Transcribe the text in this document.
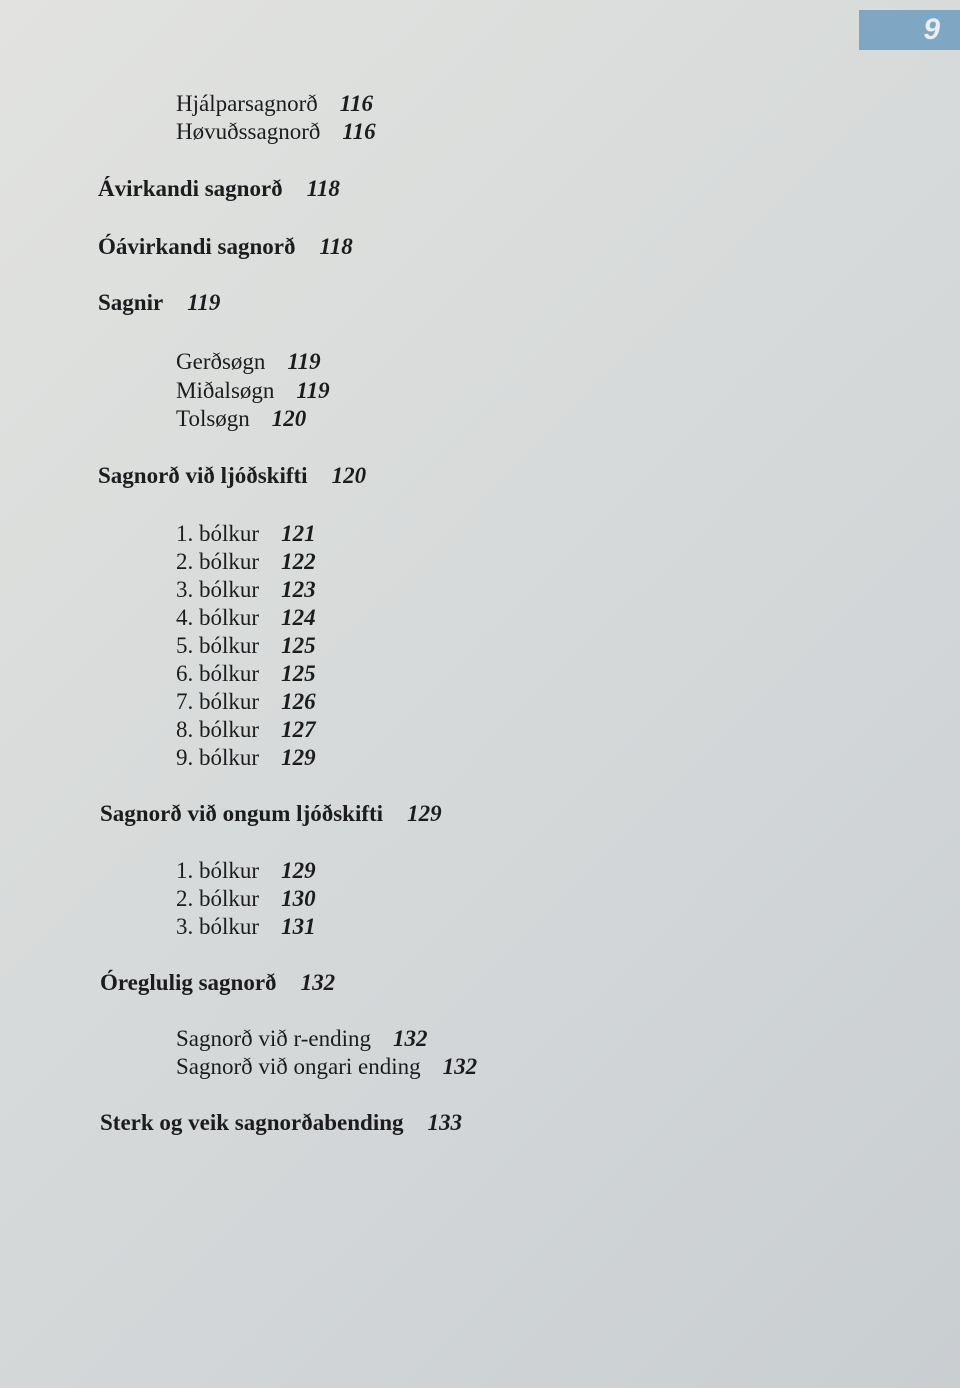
9
Hjálparsagnorð 116
Høvuðssagnorð 116
Ávirkandi sagnorð 118
Óávirkandi sagnorð 118
Sagnir 119
Gerðsøgn 119
Miðalsøgn 119
Tolsøgn 120
Sagnorð við ljóðskifti 120
1. bólkur 121
2. bólkur 122
3. bólkur 123
4. bólkur 124
5. bólkur 125
6. bólkur 125
7. bólkur 126
8. bólkur 127
9. bólkur 129
Sagnorð við ongum ljóðskifti 129
1. bólkur 129
2. bólkur 130
3. bólkur 131
Óreglulig sagnorð 132
Sagnorð við r-ending 132
Sagnorð við ongari ending 132
Sterk og veik sagnorðabending 133
